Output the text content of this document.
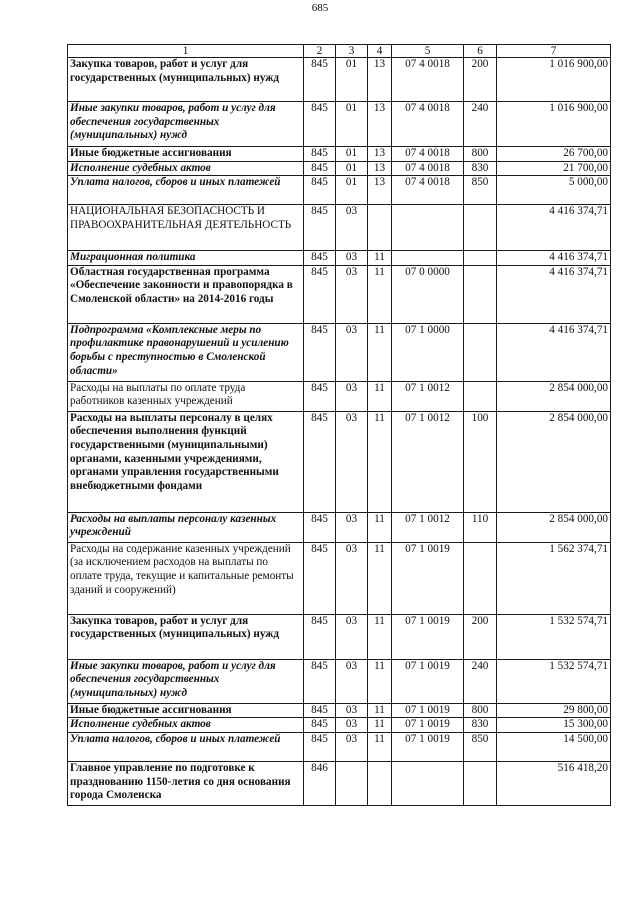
685
1	2	3	4	5	6	7
Закупка товаров, работ и услуг для государственных (муниципальных) нужд	845	01	13	07 4 0018	200	1 016 900,00
Иные закупки товаров, работ и услуг для обеспечения государственных (муниципальных) нужд	845	01	13	07 4 0018	240	1 016 900,00
Иные бюджетные ассигнования	845	01	13	07 4 0018	800	26 700,00
Исполнение судебных актов	845	01	13	07 4 0018	830	21 700,00
Уплата налогов, сборов и иных платежей	845	01	13	07 4 0018	850	5 000,00
НАЦИОНАЛЬНАЯ БЕЗОПАСНОСТЬ И ПРАВООХРАНИТЕЛЬНАЯ ДЕЯТЕЛЬНОСТЬ	845	03				4 416 374,71
Миграционная политика	845	03	11			4 416 374,71
Областная государственная программа «Обеспечение законности и правопорядка в Смоленской области» на 2014-2016 годы	845	03	11	07 0 0000		4 416 374,71
Подпрограмма «Комплексные меры по профилактике правонарушений и усилению борьбы с преступностью в Смоленской области»	845	03	11	07 1 0000		4 416 374,71
Расходы на выплаты по оплате труда работников казенных учреждений	845	03	11	07 1 0012		2 854 000,00
Расходы на выплаты персоналу в целях обеспечения выполнения функций государственными (муниципальными) органами, казенными учреждениями, органами управления государственными внебюджетными фондами	845	03	11	07 1 0012	100	2 854 000,00
Расходы на выплаты персоналу казенных учреждений	845	03	11	07 1 0012	110	2 854 000,00
Расходы на содержание казенных учреждений (за исключением расходов на выплаты по оплате труда, текущие и капитальные ремонты зданий и сооружений)	845	03	11	07 1 0019		1 562 374,71
Закупка товаров, работ и услуг для государственных (муниципальных) нужд	845	03	11	07 1 0019	200	1 532 574,71
Иные закупки товаров, работ и услуг для обеспечения государственных (муниципальных) нужд	845	03	11	07 1 0019	240	1 532 574,71
Иные бюджетные ассигнования	845	03	11	07 1 0019	800	29 800,00
Исполнение судебных актов	845	03	11	07 1 0019	830	15 300,00
Уплата налогов, сборов и иных платежей	845	03	11	07 1 0019	850	14 500,00
Главное управление по подготовке к празднованию 1150-летия со дня основания города Смоленска	846					516 418,20
